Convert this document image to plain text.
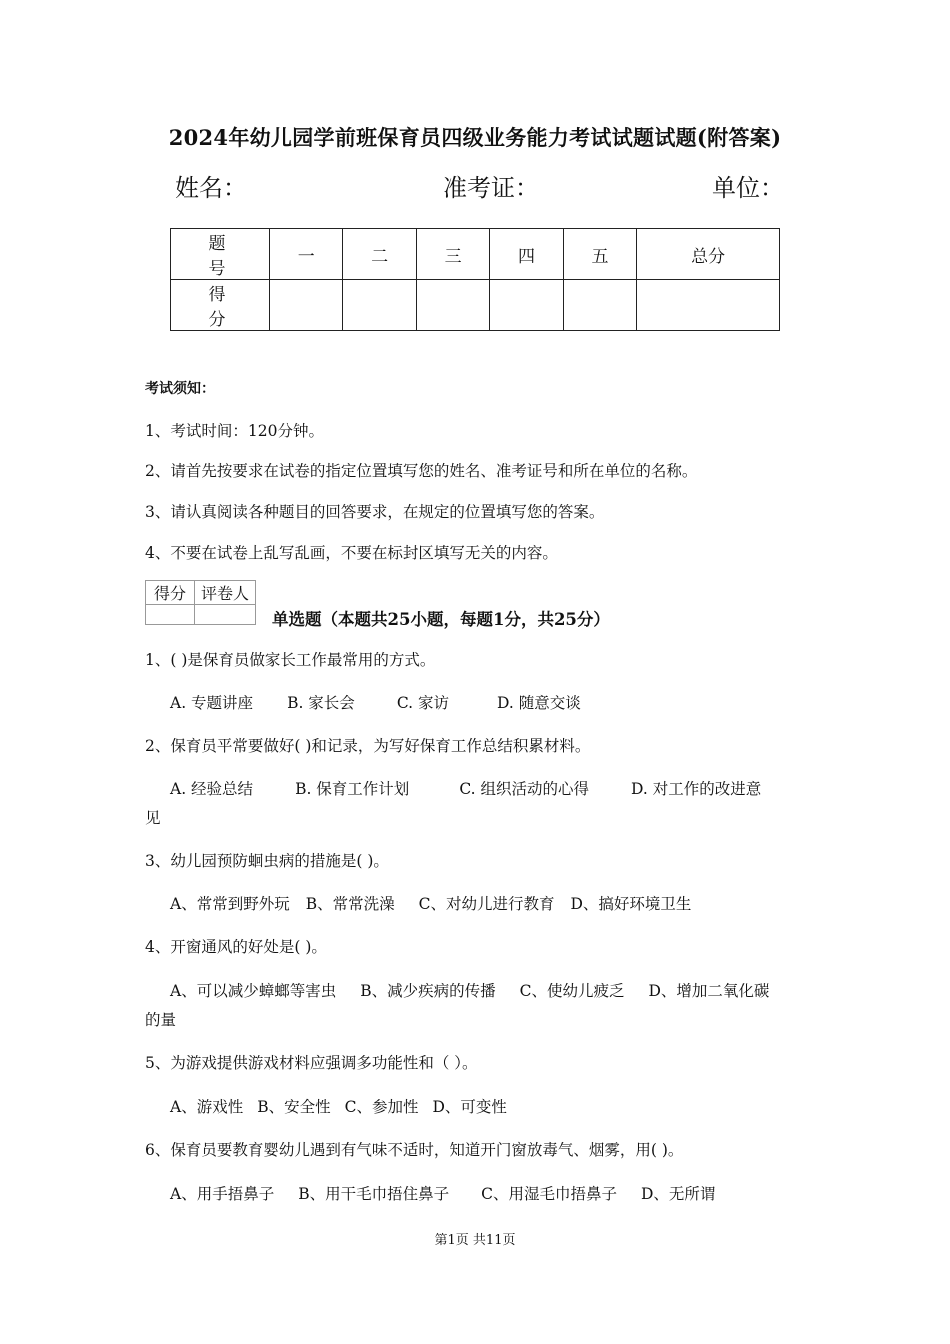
2024年幼儿园学前班保育员四级业务能力考试试题试题(附答案)
姓名：	准考证：	单位：
题 号	一	二	三	四	五	总分
得 分						
考试须知：
1、考试时间：120分钟。
2、请首先按要求在试卷的指定位置填写您的姓名、准考证号和所在单位的名称。
3、请认真阅读各种题目的回答要求，在规定的位置填写您的答案。
4、不要在试卷上乱写乱画，不要在标封区填写无关的内容。
得分	评卷人

单选题（本题共25小题，每题1分，共25分）
1、( )是保育员做家长工作最常用的方式。
A. 专题讲座 B. 家长会	C. 家访	D. 随意交谈
2、保育员平常要做好( )和记录，为写好保育工作总结积累材料。
A. 经验总结	B. 保育工作计划	C. 组织活动的心得	D. 对工作的改进意
见
3、幼儿园预防蛔虫病的措施是( )。
A、常常到野外玩 B、常常洗澡 C、对幼儿进行教育 D、搞好环境卫生
4、开窗通风的好处是( )。
A、可以减少蟑螂等害虫 B、减少疾病的传播 C、使幼儿疲乏 D、增加二氧化碳
的量
5、为游戏提供游戏材料应强调多功能性和（ ）。
A、游戏性 B、安全性 C、参加性 D、可变性
6、保育员要教育婴幼儿遇到有气味不适时，知道开门窗放毒气、烟雾，用( )。
A、用手捂鼻子 B、用干毛巾捂住鼻子 C、用湿毛巾捂鼻子 D、无所谓
第1页 共11页
